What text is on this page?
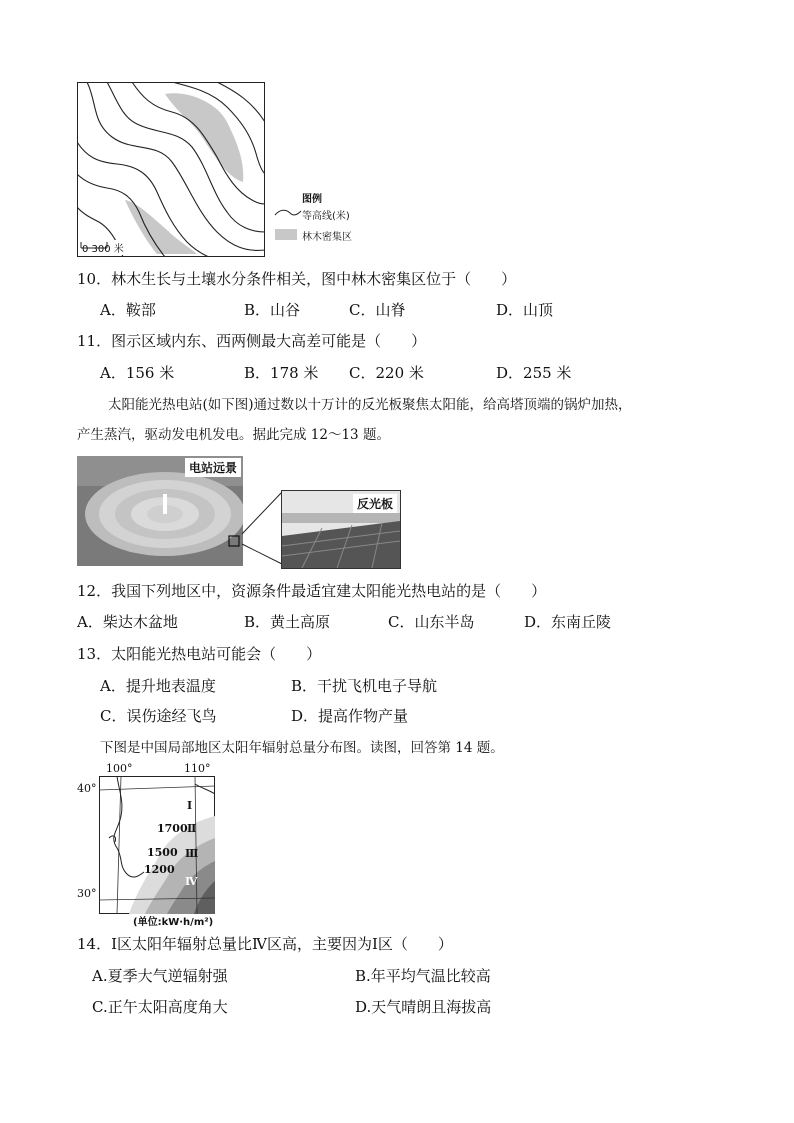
0 300 米
图例
等高线(米)
林木密集区
10．林木生长与土壤水分条件相关，图中林木密集区位于（　　）
A．鞍部	B．山谷	C．山脊	D．山顶
11．图示区域内东、西两侧最大高差可能是（　　）
A．156 米	B．178 米 C．220 米	D．255 米
太阳能光热电站(如下图)通过数以十万计的反光板聚焦太阳能，给高塔顶端的锅炉加热，
产生蒸汽，驱动发电机发电。据此完成 12～13 题。
电站远景
反光板
12．我国下列地区中，资源条件最适宜建太阳能光热电站的是（　　）
A．柴达木盆地	B．黄土高原	C．山东半岛	D．东南丘陵
13．太阳能光热电站可能会（　　）
A．提升地表温度	B．干扰飞机电子导航
C．误伤途经飞鸟	D．提高作物产量
下图是中国局部地区太阳年辐射总量分布图。读图，回答第 14 题。
100°	110°
40°
30°
Ⅰ
Ⅱ
Ⅲ
Ⅳ
1700
1500
1200
(单位:kW·h/m²)
14．Ⅰ区太阳年辐射总量比Ⅳ区高，主要因为Ⅰ区（　　）
A.夏季大气逆辐射强	B.年平均气温比较高
C.正午太阳高度角大	D.天气晴朗且海拔高
